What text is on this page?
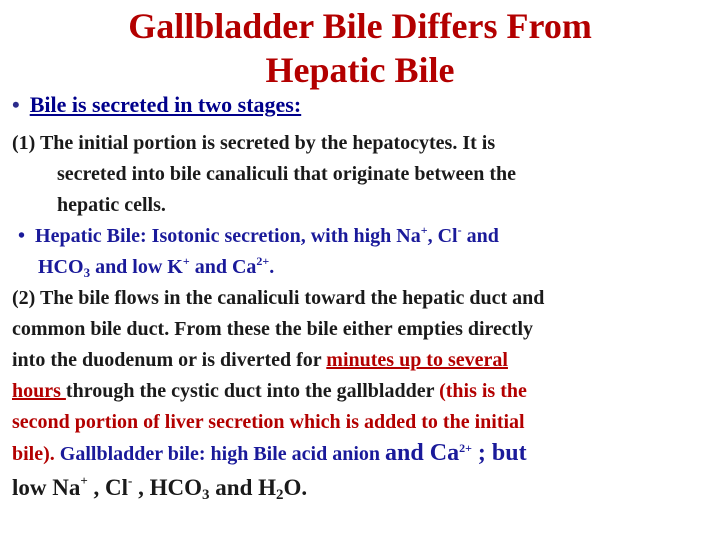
Gallbladder Bile Differs From
Hepatic Bile
• Bile is secreted in two stages:
(1) The initial portion is secreted by the hepatocytes. It is
secreted into bile canaliculi that originate between the
hepatic cells.
• Hepatic Bile: Isotonic secretion, with high Na+, Cl- and
$HCO_3$ and low K+ and $Ca^{2+}$.
(2) The bile flows in the canaliculi toward the hepatic duct and
common bile duct. From these the bile either empties directly
into the duodenum or is diverted for minutes up to several
hours through the cystic duct into the gallbladder (this is the
second portion of liver secretion which is added to the initial
bile). Gallbladder bile: high Bile acid anion and $Ca^{2+}$ ; but
low Na+ , Cl- , $HCO_3$ and $H_2O$.
